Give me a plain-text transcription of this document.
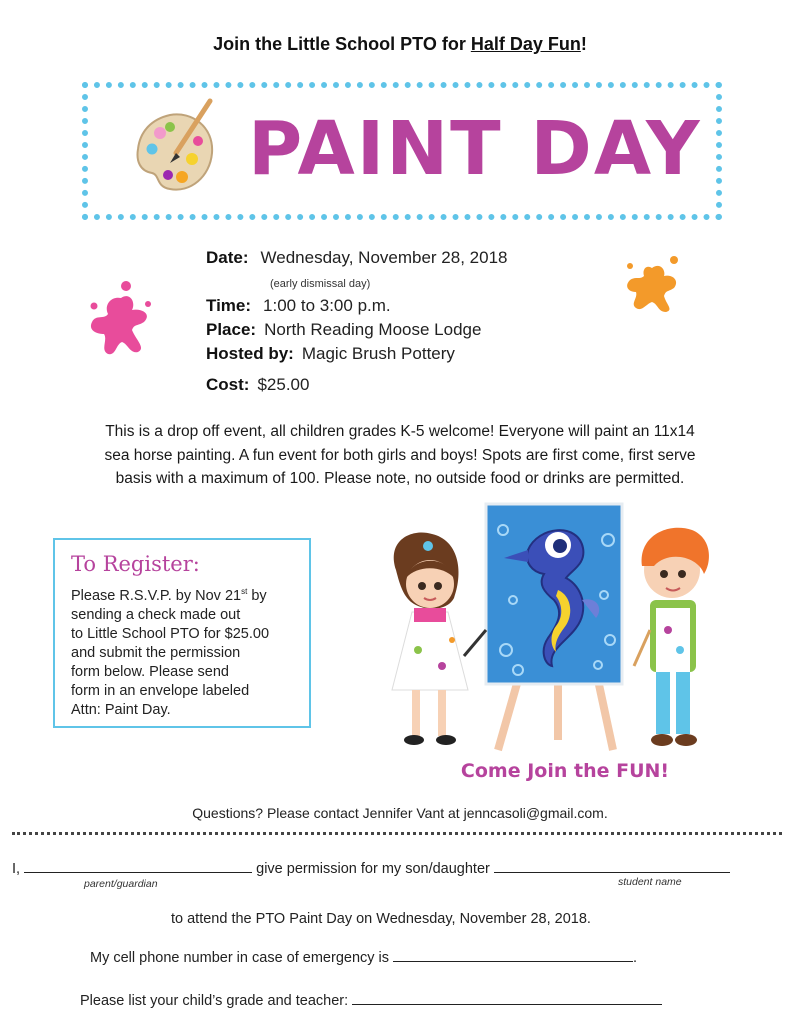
Join the Little School PTO for Half Day Fun!
PAINT DAY
Date: Wednesday, November 28, 2018
(early dismissal day)
Time: 1:00 to 3:00 p.m.
Place: North Reading Moose Lodge
Hosted by: Magic Brush Pottery
Cost: $25.00
This is a drop off event, all children grades K-5 welcome! Everyone will paint an 11x14
sea horse painting. A fun event for both girls and boys! Spots are first come, first serve
basis with a maximum of 100. Please note, no outside food or drinks are permitted.
To Register:
Please R.S.V.P. by Nov 21st by
sending a check made out
to Little School PTO for $25.00
and submit the permission
form below. Please send
form in an envelope labeled
Attn: Paint Day.
Come Join the FUN!
Questions? Please contact Jennifer Vant at jenncasoli@gmail.com.
I,	give permission for my son/daughter
parent/guardian	student name
to attend the PTO Paint Day on Wednesday, November 28, 2018.
My cell phone number in case of emergency is	.
Please list your child’s grade and teacher:
